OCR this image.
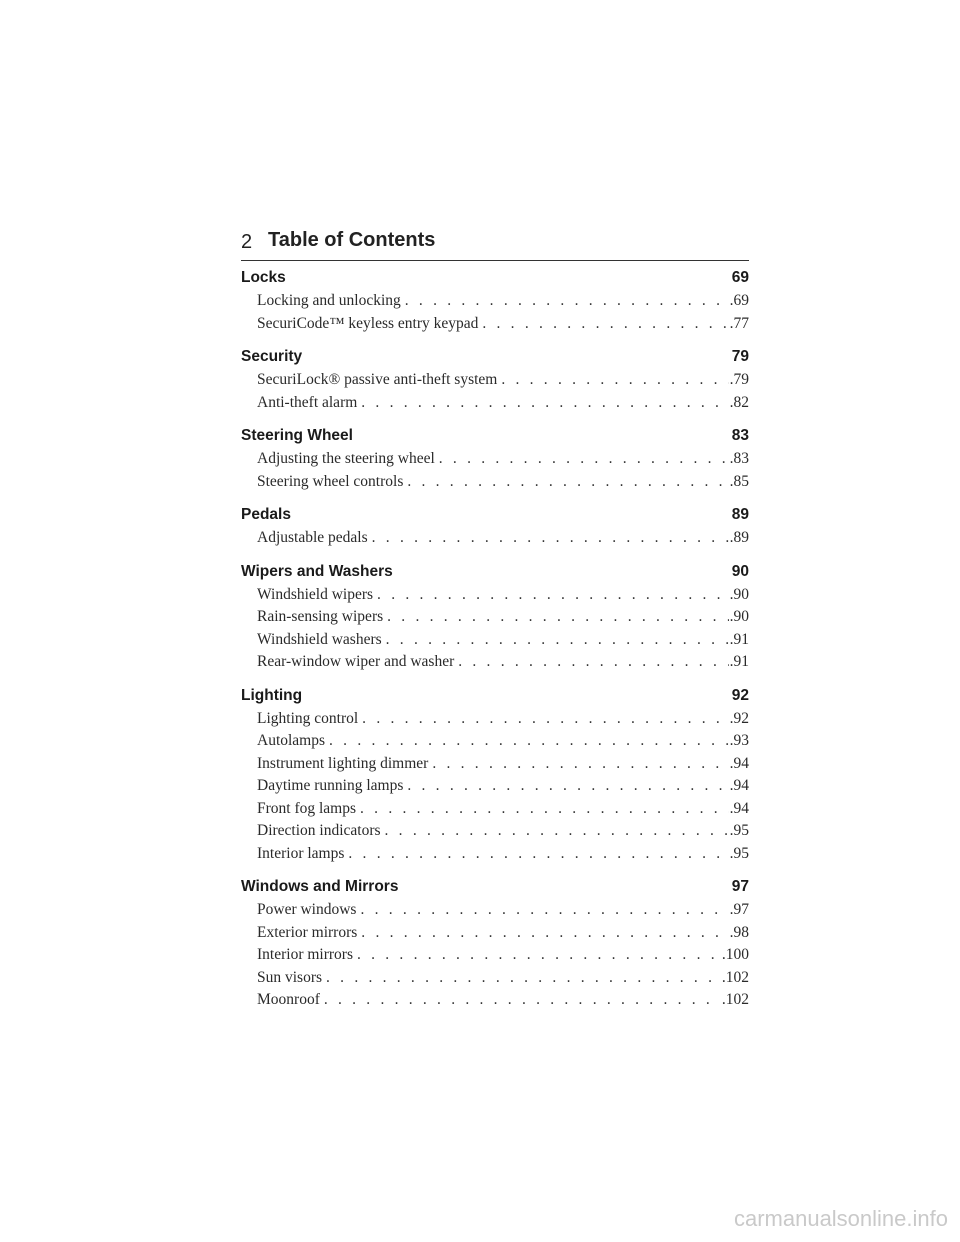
2 Table of Contents
Locks	69
Locking and unlocking . . .	.69
SecuriCode™ keyless entry keypad . . .	.77
Security	79
SecuriLock® passive anti-theft system . . .	.79
Anti-theft alarm . . .	.82
Steering Wheel	83
Adjusting the steering wheel . . .	.83
Steering wheel controls . . .	.85
Pedals	89
Adjustable pedals . . .	.89
Wipers and Washers	90
Windshield wipers . . .	.90
Rain-sensing wipers . . .	.90
Windshield washers . . .	.91
Rear-window wiper and washer . . .	.91
Lighting	92
Lighting control . . .	.92
Autolamps . . .	.93
Instrument lighting dimmer . . .	.94
Daytime running lamps . . .	.94
Front fog lamps . . .	.94
Direction indicators . . .	.95
Interior lamps . . .	.95
Windows and Mirrors	97
Power windows . . .	.97
Exterior mirrors . . .	.98
Interior mirrors . . .	.100
Sun visors . . .	.102
Moonroof . . .	.102
carmanualsonline.info
